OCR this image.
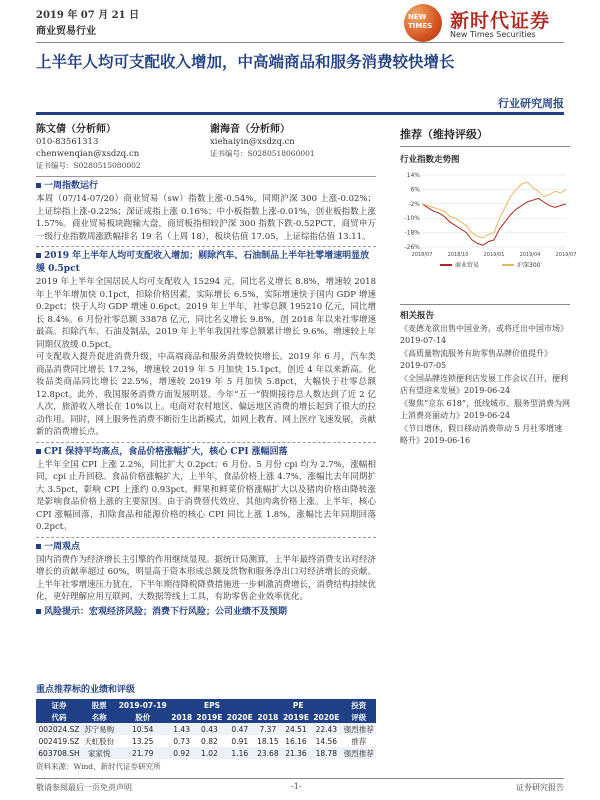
2019 年 07 月 21 日
商业贸易行业
NEW TIMES 新时代证券
New Times Securities
上半年人均可支配收入增加，中高端商品和服务消费较快增长
行业研究周报
陈文倩（分析师）
010-83561313
chenwenqian@xsdzq.cn
证书编号：S0280515080002
谢海音（分析师）
xiehaiyin@xsdzq.cn
证书编号：S0280518060001
一周指数运行
本周（07/14-07/20）商业贸易（sw）指数上涨-0.54%，同期沪深 300 上涨-0.02%；上证综指上涨-0.22%；深证成指上涨 0.16%；中小板指数上涨-0.01%，创业板指数上涨 1.57%。商业贸易板块跑输大盘，商贸板指相较沪深 300 指数下跌-0.52PCT，商贸申万一级行业指数周涨跌幅排名 19 名（上周 18），板块估值 17.05，上证综指估值 13.11。
2019 年上半年人均可支配收入增加；剔除汽车、石油制品上半年社零增速明显放缓 0.5pct
2019 年上半年全国居民人均可支配收入 15294 元，同比名义增长 8.8%，增速较 2018 年上半年增加快 0.1pct，扣除价格因素，实际增长 6.5%，实际增速快于国内 GDP 增速 0.2pct；快于人均 GDP 增速 0.6pct。2019 年上半年，社零总额 195210 亿元，同比增长 8.4%。6 月份社零总额 33878 亿元，同比名义增长 9.8%，创 2018 年以来社零增速最高。扣除汽车、石油及制品，2019 年上半年我国社零总额累计增长 9.6%，增速较上年同期仅放缓 0.5pct。
可支配收入提升促进消费升级，中高端商品和服务消费较快增长。2019 年 6 月，汽车类商品消费同比增长 17.2%，增速较 2019 年 5 月加快 15.1pct，创近 4 年以来新高。化妆品类商品同比增长 22.5%，增速较 2019 年 5 月加快 5.8pct，大幅快于社零总额 12.8pct。此外，我国服务消费方面发展明显。今年“五一”假期接待总人数达到了近 2 亿人次，旅游收入增长在 10%以上。电商对农村地区、偏远地区消费的增长起到了很大的拉动作用。同时，网上服务性消费不断衍生出新模式，如网上教育、网上医疗飞速发展，贡献新的消费增长点。
CPI 保持平均高点，食品价格涨幅扩大，核心 CPI 涨幅回落
上半年全国 CPI 上涨 2.2%，同比扩大 0.2pct；6 月份、5 月份 cpi 均为 2.7%，涨幅相同，cpi 止升回稳。食品价格涨幅扩大，上半年，食品价格上涨 4.7%，涨幅比去年同期扩大 3.5pct，影响 CPI 上涨约 0.93pct。鲜果和鲜菜价格涨幅扩大以及猪肉价格由降转涨是影响食品价格上涨的主要原因。由于消费替代效应，其他肉禽价格上涨。上半年，核心 CPI 涨幅回落，扣除食品和能源价格的核心 CPI 同比上涨 1.8%，涨幅比去年同期回落 0.2pct。
一周观点
国内消费作为经济增长主引擎的作用继续显现。据统计局测算，上半年最终消费支出对经济增长的贡献率超过 60%，明显高于资本形成总额及货物和服务净出口对经济增长的贡献。上半年社零增速压力犹在，下半年期待降税降费措施进一步刺激消费增长，消费结构持续优化，更好理解应用互联网、大数据等线上工具，有助零售企业效率优化。
风险提示：宏观经济风险；消费下行风险；公司业绩不及预期
重点推荐标的业绩和评级
证券	股票	2019-07-19	EPS			PE			投资
代码	名称	股价	2018	2019E	2020E	2018	2019E	2020E	评级
002024.SZ	苏宁易购	10.54	1.43	0.43	0.47	7.37	24.51	22.43	强烈推荐
002419.SZ	天虹股份	13.25	0.73	0.82	0.91	18.15	16.16	14.56	推荐
603708.SH	家家悦	21.79	0.92	1.02	1.16	23.68	21.36	18.78	强烈推荐
资料来源：Wind，新时代证券研究所
推荐（维持评级）
行业指数走势图
14%
6%
-2%
-10%
-18%
-26%
2018/07	2018/10	2019/01	2019/04	2019/07
商业贸易	沪深300
相关报告
《麦德龙欲出售中国业务，或将迁出中国市场》2019-07-14
《高质量物流服务有助零售品牌价值提升》2019-07-05
《全国品牌连锁便利店发展工作会议召开，便利店有望迎来发展》2019-06-24
《聚焦“京东 618”，低线城市、服务型消费为网上消费亮丽动力》2019-06-24
《节日增休，假日移动消费带动 5 月社零增速略升》2019-06-16
敬请参阅最后一页免责声明	-1-	证券研究报告
